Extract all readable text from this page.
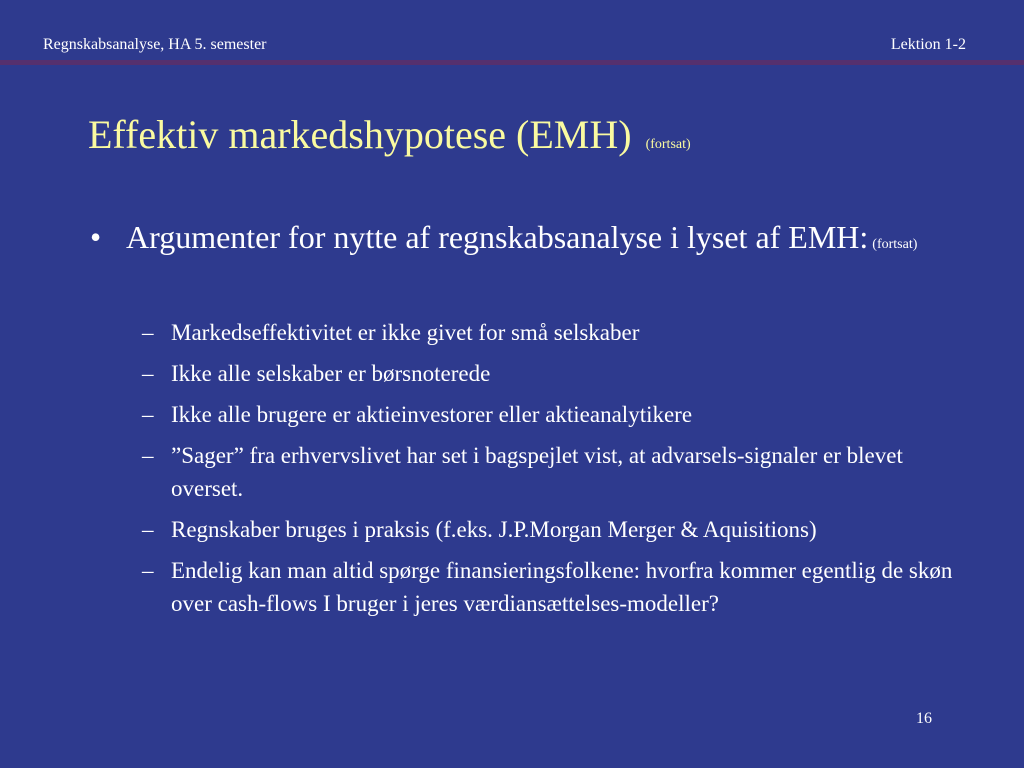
Regnskabsanalyse, HA 5. semester	Lektion 1-2
Effektiv markedshypotese (EMH) (fortsat)
• Argumenter for nytte af regnskabsanalyse i lyset af EMH: (fortsat)
– Markedseffektivitet er ikke givet for små selskaber
– Ikke alle selskaber er børsnoterede
– Ikke alle brugere er aktieinvestorer eller aktieanalytikere
– ”Sager” fra erhvervslivet har set i bagspejlet vist, at advarsels-signaler er blevet overset.
– Regnskaber bruges i praksis (f.eks. J.P.Morgan Merger & Aquisitions)
– Endelig kan man altid spørge finansieringsfolkene: hvorfra kommer egentlig de skøn over cash-flows I bruger i jeres værdiansættelses-modeller?
16
